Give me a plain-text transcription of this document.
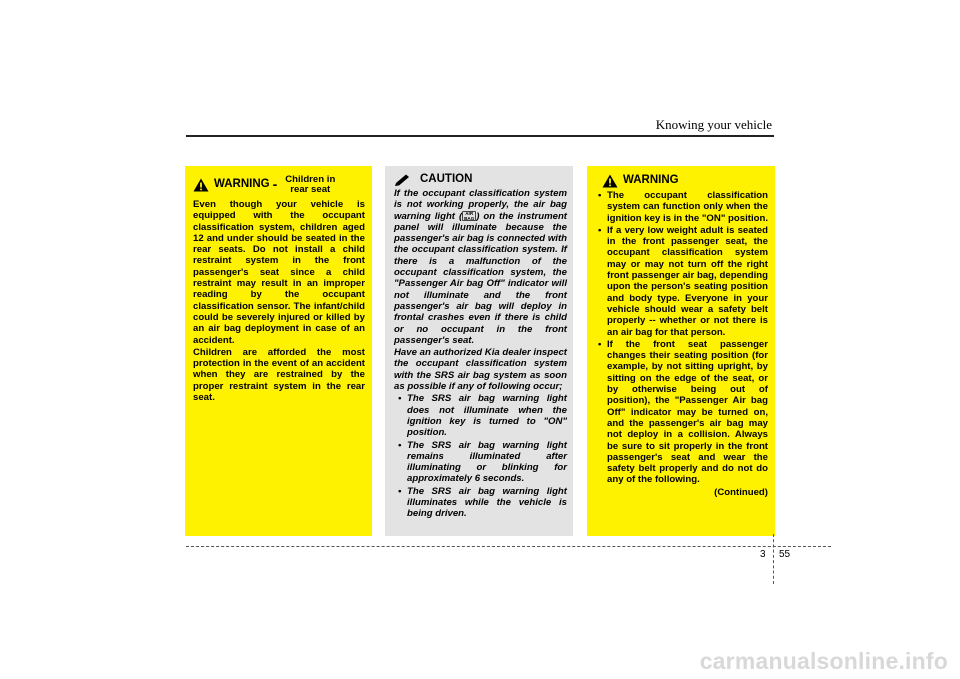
Knowing your vehicle
WARNING - Children in rear seat

Even though your vehicle is equipped with the occupant classification system, children aged 12 and under should be seated in the rear seats. Do not install a child restraint system in the front passenger's seat since a child restraint may result in an improper reading by the occupant classification sensor. The infant/child could be severely injured or killed by an air bag deployment in case of an accident.

Children are afforded the most protection in the event of an accident when they are restrained by the proper restraint system in the rear seat.

CAUTION

If the occupant classification system is not working properly, the air bag warning light ( AIR
BAG ) on the instrument panel will illuminate because the passenger's air bag is connected with the occupant classification system. If there is a malfunction of the occupant classification system, the "Passenger Air bag Off" indicator will not illuminate and the front passenger's air bag will deploy in frontal crashes even if there is child or no occupant in the front passenger's seat.

Have an authorized Kia dealer inspect the occupant classification system with the SRS air bag system as soon as possible if any of following occur;

• The SRS air bag warning light does not illuminate when the ignition key is turned to "ON" position.
• The SRS air bag warning light remains illuminated after illuminating or blinking for approximately 6 seconds.
• The SRS air bag warning light illuminates while the vehicle is being driven.
WARNING
• The occupant classification system can function only when the ignition key is in the "ON" position.
• If a very low weight adult is seated in the front passenger seat, the occupant classification system may or may not turn off the right front passenger air bag, depending upon the person's seating position and body type. Everyone in your vehicle should wear a safety belt properly -- whether or not there is an air bag for that person.
• If the front seat passenger changes their seating position (for example, by not sitting upright, by sitting on the edge of the seat, or by otherwise being out of position), the "Passenger Air bag Off" indicator may be turned on, and the passenger's air bag may not deploy in a collision. Always be sure to sit properly in the front passenger's seat and wear the safety belt properly and do not do any of the following.
(Continued)
3 55
carmanualsonline.info
